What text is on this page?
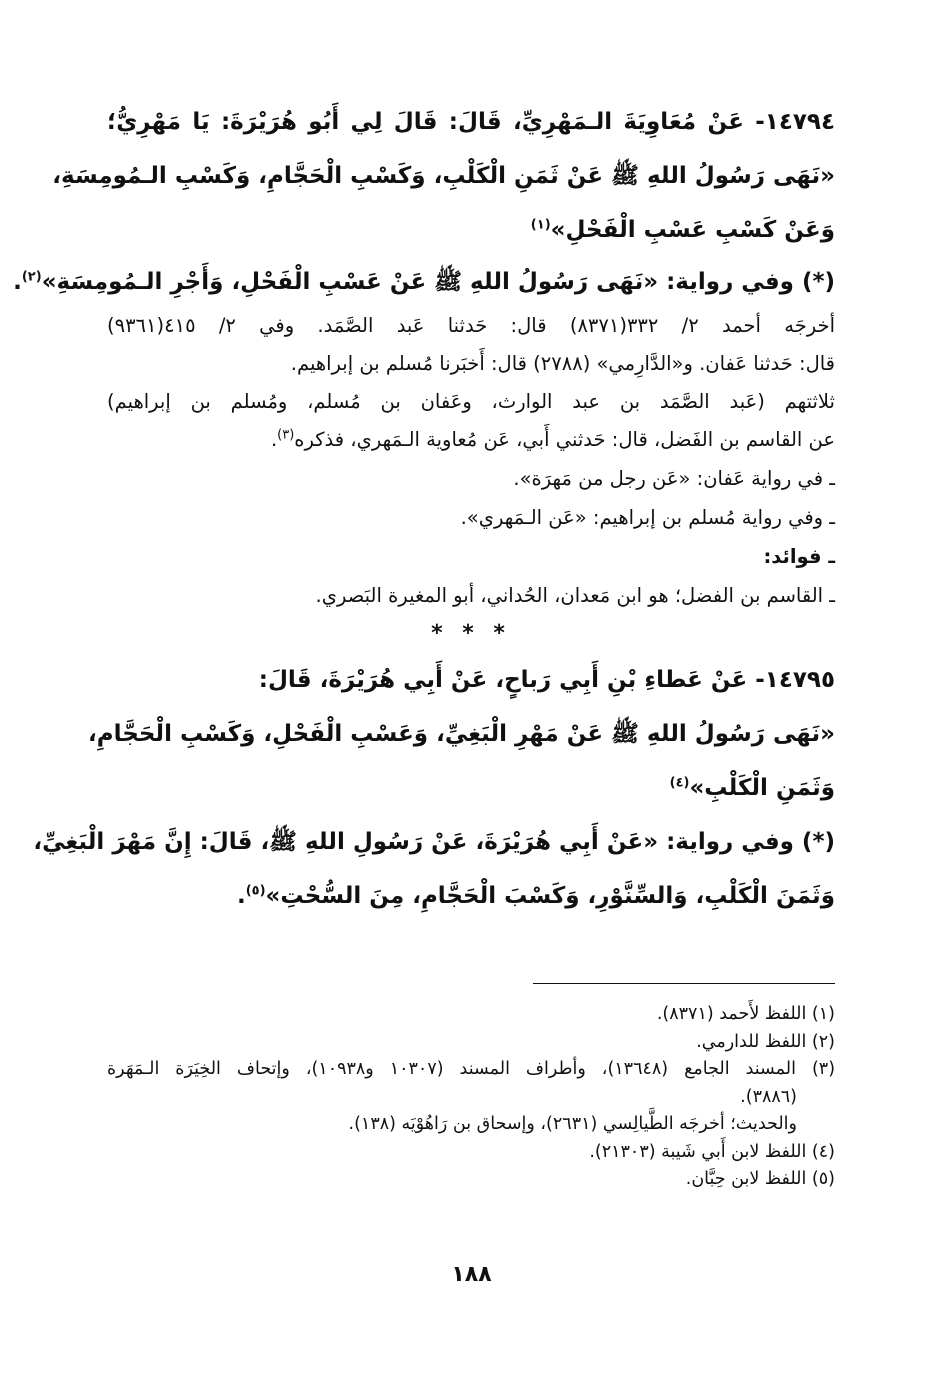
١٤٧٩٤- عَنْ مُعَاوِيَةَ الـمَهْرِيِّ، قَالَ: قَالَ لِي أَبُو هُرَيْرَةَ: يَا مَهْرِيُّ؛
«نَهَى رَسُولُ اللهِ ﷺ عَنْ ثَمَنِ الْكَلْبِ، وَكَسْبِ الْحَجَّامِ، وَكَسْبِ الـمُومِسَةِ،
وَعَنْ كَسْبِ عَسْبِ الْفَحْلِ»$^{(١)}$
(*) وفي رواية: «نَهَى رَسُولُ اللهِ ﷺ عَنْ عَسْبِ الْفَحْلِ، وَأَجْرِ الـمُومِسَةِ»$^{(٢)}$.
أخرجَه أحمد ٢/ ٣٣٢(٨٣٧١) قال: حَدثنا عَبد الصَّمَد. وفي ٢/ ٤١٥(٩٣٦١)
قال: حَدثنا عَفان. و«الدَّارِمي» (٢٧٨٨) قال: أَخبَرنا مُسلم بن إبراهيم.
ثلاثتهم (عَبد الصَّمَد بن عبد الوارث، وعَفان بن مُسلم، ومُسلم بن إبراهيم)
عن القاسم بن الفَضل، قال: حَدثني أَبي، عَن مُعاوية الـمَهري، فذكره$^{(٣)}$.
ـ في رواية عَفان: «عَن رجل من مَهرَة».
ـ وفي رواية مُسلم بن إبراهيم: «عَن الـمَهري».
ـ فوائد:
ـ القاسم بن الفضل؛ هو ابن مَعدان، الحُداني، أبو المغيرة البَصري.
* * *
١٤٧٩٥- عَنْ عَطاءِ بْنِ أَبِي رَباحٍ، عَنْ أَبِي هُرَيْرَةَ، قَالَ:
«نَهَى رَسُولُ اللهِ ﷺ عَنْ مَهْرِ الْبَغِيِّ، وَعَسْبِ الْفَحْلِ، وَكَسْبِ الْحَجَّامِ،
وَثَمَنِ الْكَلْبِ»$^{(٤)}$
(*) وفي رواية: «عَنْ أَبِي هُرَيْرَةَ، عَنْ رَسُولِ اللهِ ﷺ، قَالَ: إِنَّ مَهْرَ الْبَغِيِّ،
وَثَمَنَ الْكَلْبِ، وَالسِّنَّوْرِ، وَكَسْبَ الْحَجَّامِ، مِنَ السُّحْتِ»$^{(٥)}$.
(١) اللفظ لأَحمد (٨٣٧١).
(٢) اللفظ للدارمي.
(٣) المسند الجامع (١٣٦٤٨)، وأطراف المسند (١٠٣٠٧ و١٠٩٣٨)، وإتحاف الخِيَرَة الـمَهَرة
(٣٨٨٦).
والحديث؛ أخرجَه الطَّيالِسي (٢٦٣١)، وإسحاق بن رَاهُوْيَه (١٣٨).
(٤) اللفظ لابن أَبي شَيبة (٢١٣٠٣).
(٥) اللفظ لابن حِبَّان.
١٨٨
